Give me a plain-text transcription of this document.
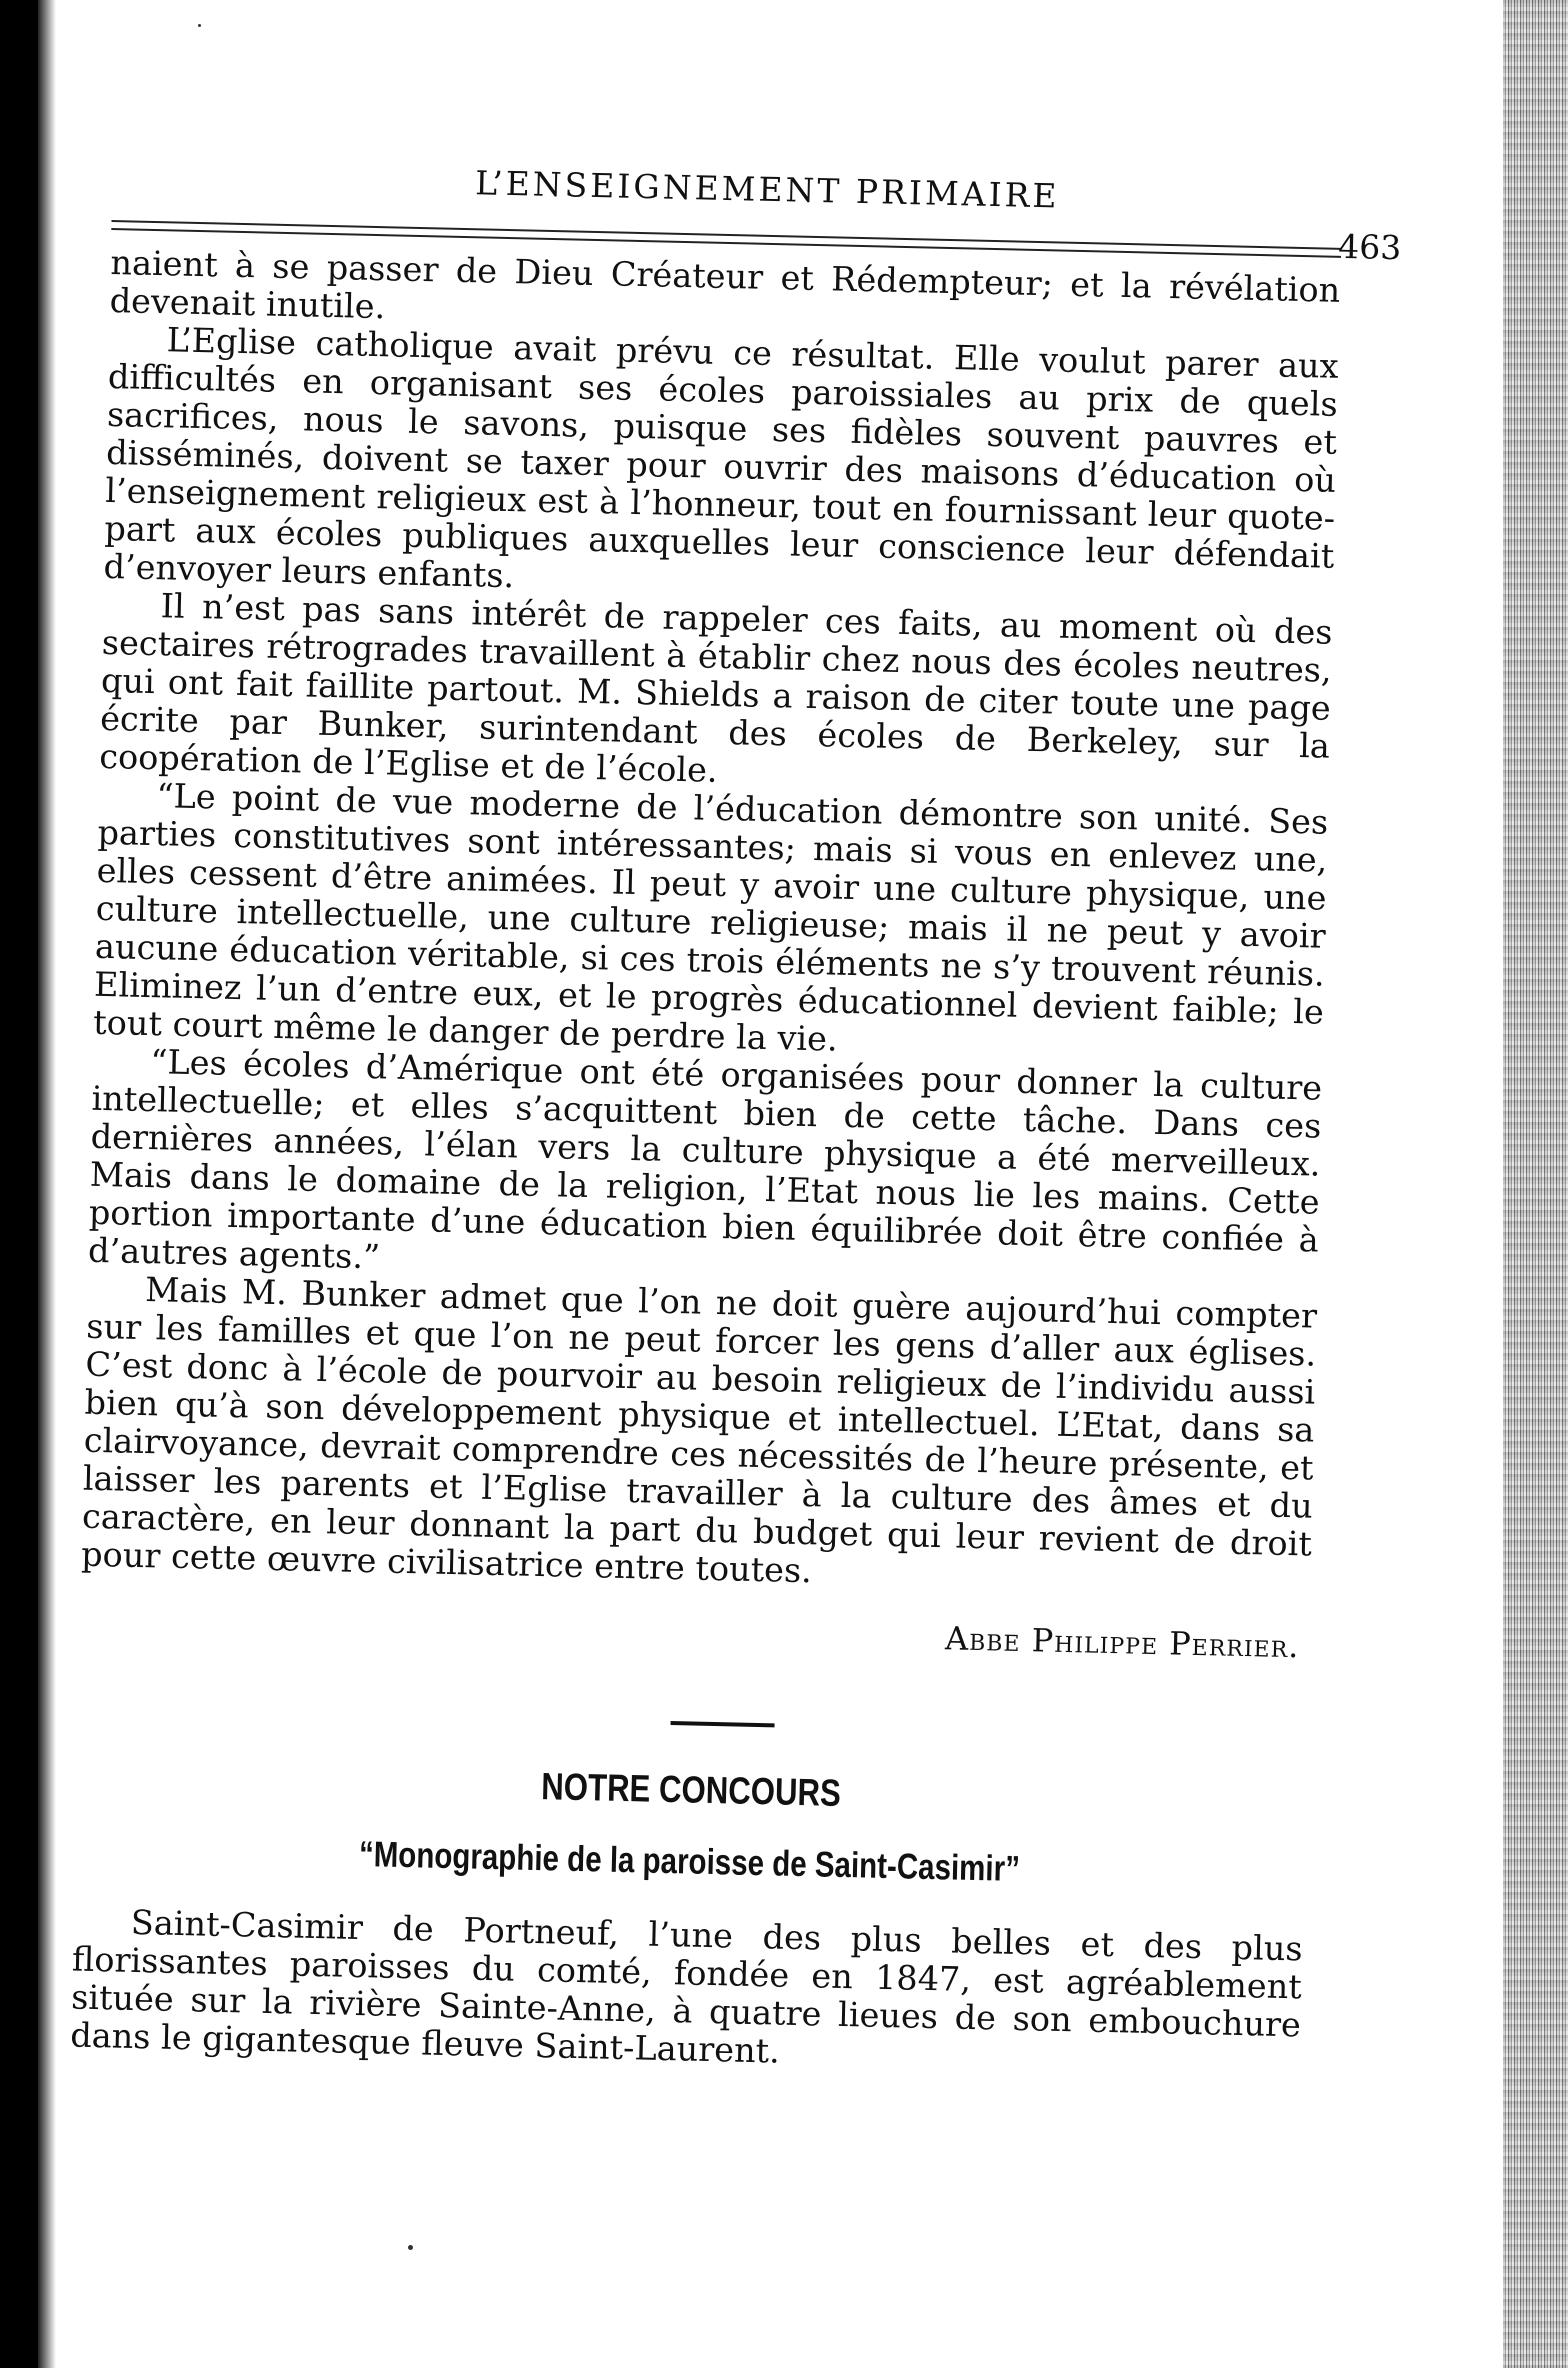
L’ENSEIGNEMENT PRIMAIRE
463

naient à se passer de Dieu Créateur et Rédempteur; et la révélation devenait inutile.

L’Eglise catholique avait prévu ce résultat. Elle voulut parer aux difficultés en organisant ses écoles paroissiales au prix de quels sacrifices, nous le savons, puisque ses fidèles souvent pauvres et disséminés, doivent se taxer pour ouvrir des maisons d’éducation où l’enseignement religieux est à l’honneur, tout en fournissant leur quote-part aux écoles publiques auxquelles leur conscience leur défendait d’envoyer leurs enfants.

Il n’est pas sans intérêt de rappeler ces faits, au moment où des sectaires rétrogrades travaillent à établir chez nous des écoles neutres, qui ont fait faillite partout. M. Shields a raison de citer toute une page écrite par Bunker, surintendant des écoles de Berkeley, sur la coopération de l’Eglise et de l’école.

“Le point de vue moderne de l’éducation démontre son unité. Ses parties constitutives sont intéressantes; mais si vous en enlevez une, elles cessent d’être animées. Il peut y avoir une culture physique, une culture intellectuelle, une culture religieuse; mais il ne peut y avoir aucune éducation véritable, si ces trois éléments ne s’y trouvent réunis. Eliminez l’un d’entre eux, et le progrès éducationnel devient faible; le tout court même le danger de perdre la vie.

“Les écoles d’Amérique ont été organisées pour donner la culture intellectuelle; et elles s’acquittent bien de cette tâche. Dans ces dernières années, l’élan vers la culture physique a été merveilleux. Mais dans le domaine de la religion, l’Etat nous lie les mains. Cette portion importante d’une éducation bien équilibrée doit être confiée à d’autres agents.”

Mais M. Bunker admet que l’on ne doit guère aujourd’hui compter sur les familles et que l’on ne peut forcer les gens d’aller aux églises. C’est donc à l’école de pourvoir au besoin religieux de l’individu aussi bien qu’à son développement physique et intellectuel. L’Etat, dans sa clairvoyance, devrait comprendre ces nécessités de l’heure présente, et laisser les parents et l’Eglise travailler à la culture des âmes et du caractère, en leur donnant la part du budget qui leur revient de droit pour cette œuvre civilisatrice entre toutes.

Abbe Philippe Perrier.
NOTRE CONCOURS
“Monographie de la paroisse de Saint-Casimir”

Saint-Casimir de Portneuf, l’une des plus belles et des plus florissantes paroisses du comté, fondée en 1847, est agréablement située sur la rivière Sainte-Anne, à quatre lieues de son embouchure dans le gigantesque fleuve Saint-Laurent.
